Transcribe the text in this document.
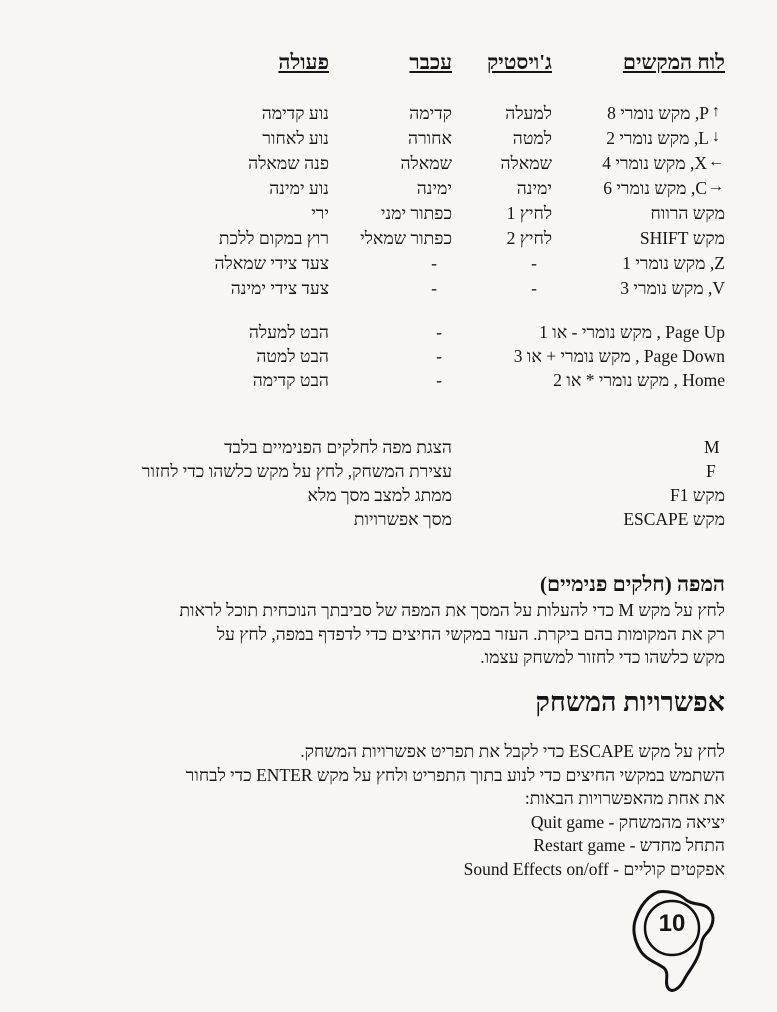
לוח המקשים
ג'ויסטיק
עכבר
פעולה
↑
P, מקש נומרי 8
למעלה
קדימה
נוע קדימה
↓
L, מקש נומרי 2
למטה
אחורה
נוע לאחור
←
X, מקש נומרי 4
שמאלה
שמאלה
פנה שמאלה
→
C, מקש נומרי 6
ימינה
ימינה
נוע ימינה
מקש הרווח
לחיץ 1
כפתור ימני
ירי
מקש SHIFT
לחיץ 2
כפתור שמאלי
רוץ במקום ללכת
Z, מקש נומרי 1
-
-
צעד צידי שמאלה
V, מקש נומרי 3
-
-
צעד צידי ימינה
Page Up , מקש נומרי - או 1
-
הבט למעלה
Page Down , מקש נומרי + או 3
-
הבט למטה
Home , מקש נומרי * או 2
-
הבט קדימה
M
הצגת מפה לחלקים הפנימיים בלבד
F
עצירת המשחק, לחץ על מקש כלשהו כדי לחזור
מקש F1
ממתג למצב מסך מלא
מקש ESCAPE
מסך אפשרויות
המפה (חלקים פנימיים)
לחץ על מקש M כדי להעלות על המסך את המפה של סביבתך הנוכחית תוכל לראות
רק את המקומות בהם ביקרת. העזר במקשי החיצים כדי לדפדף במפה, לחץ על
מקש כלשהו כדי לחזור למשחק עצמו.
אפשרויות המשחק
לחץ על מקש ESCAPE כדי לקבל את תפריט אפשרויות המשחק.
השתמש במקשי החיצים כדי לנוע בתוך התפריט ולחץ על מקש ENTER כדי לבחור
את אחת מהאפשרויות הבאות:
יציאה מהמשחק - Quit game
התחל מחדש - Restart game
אפקטים קוליים - Sound Effects on/off
10
